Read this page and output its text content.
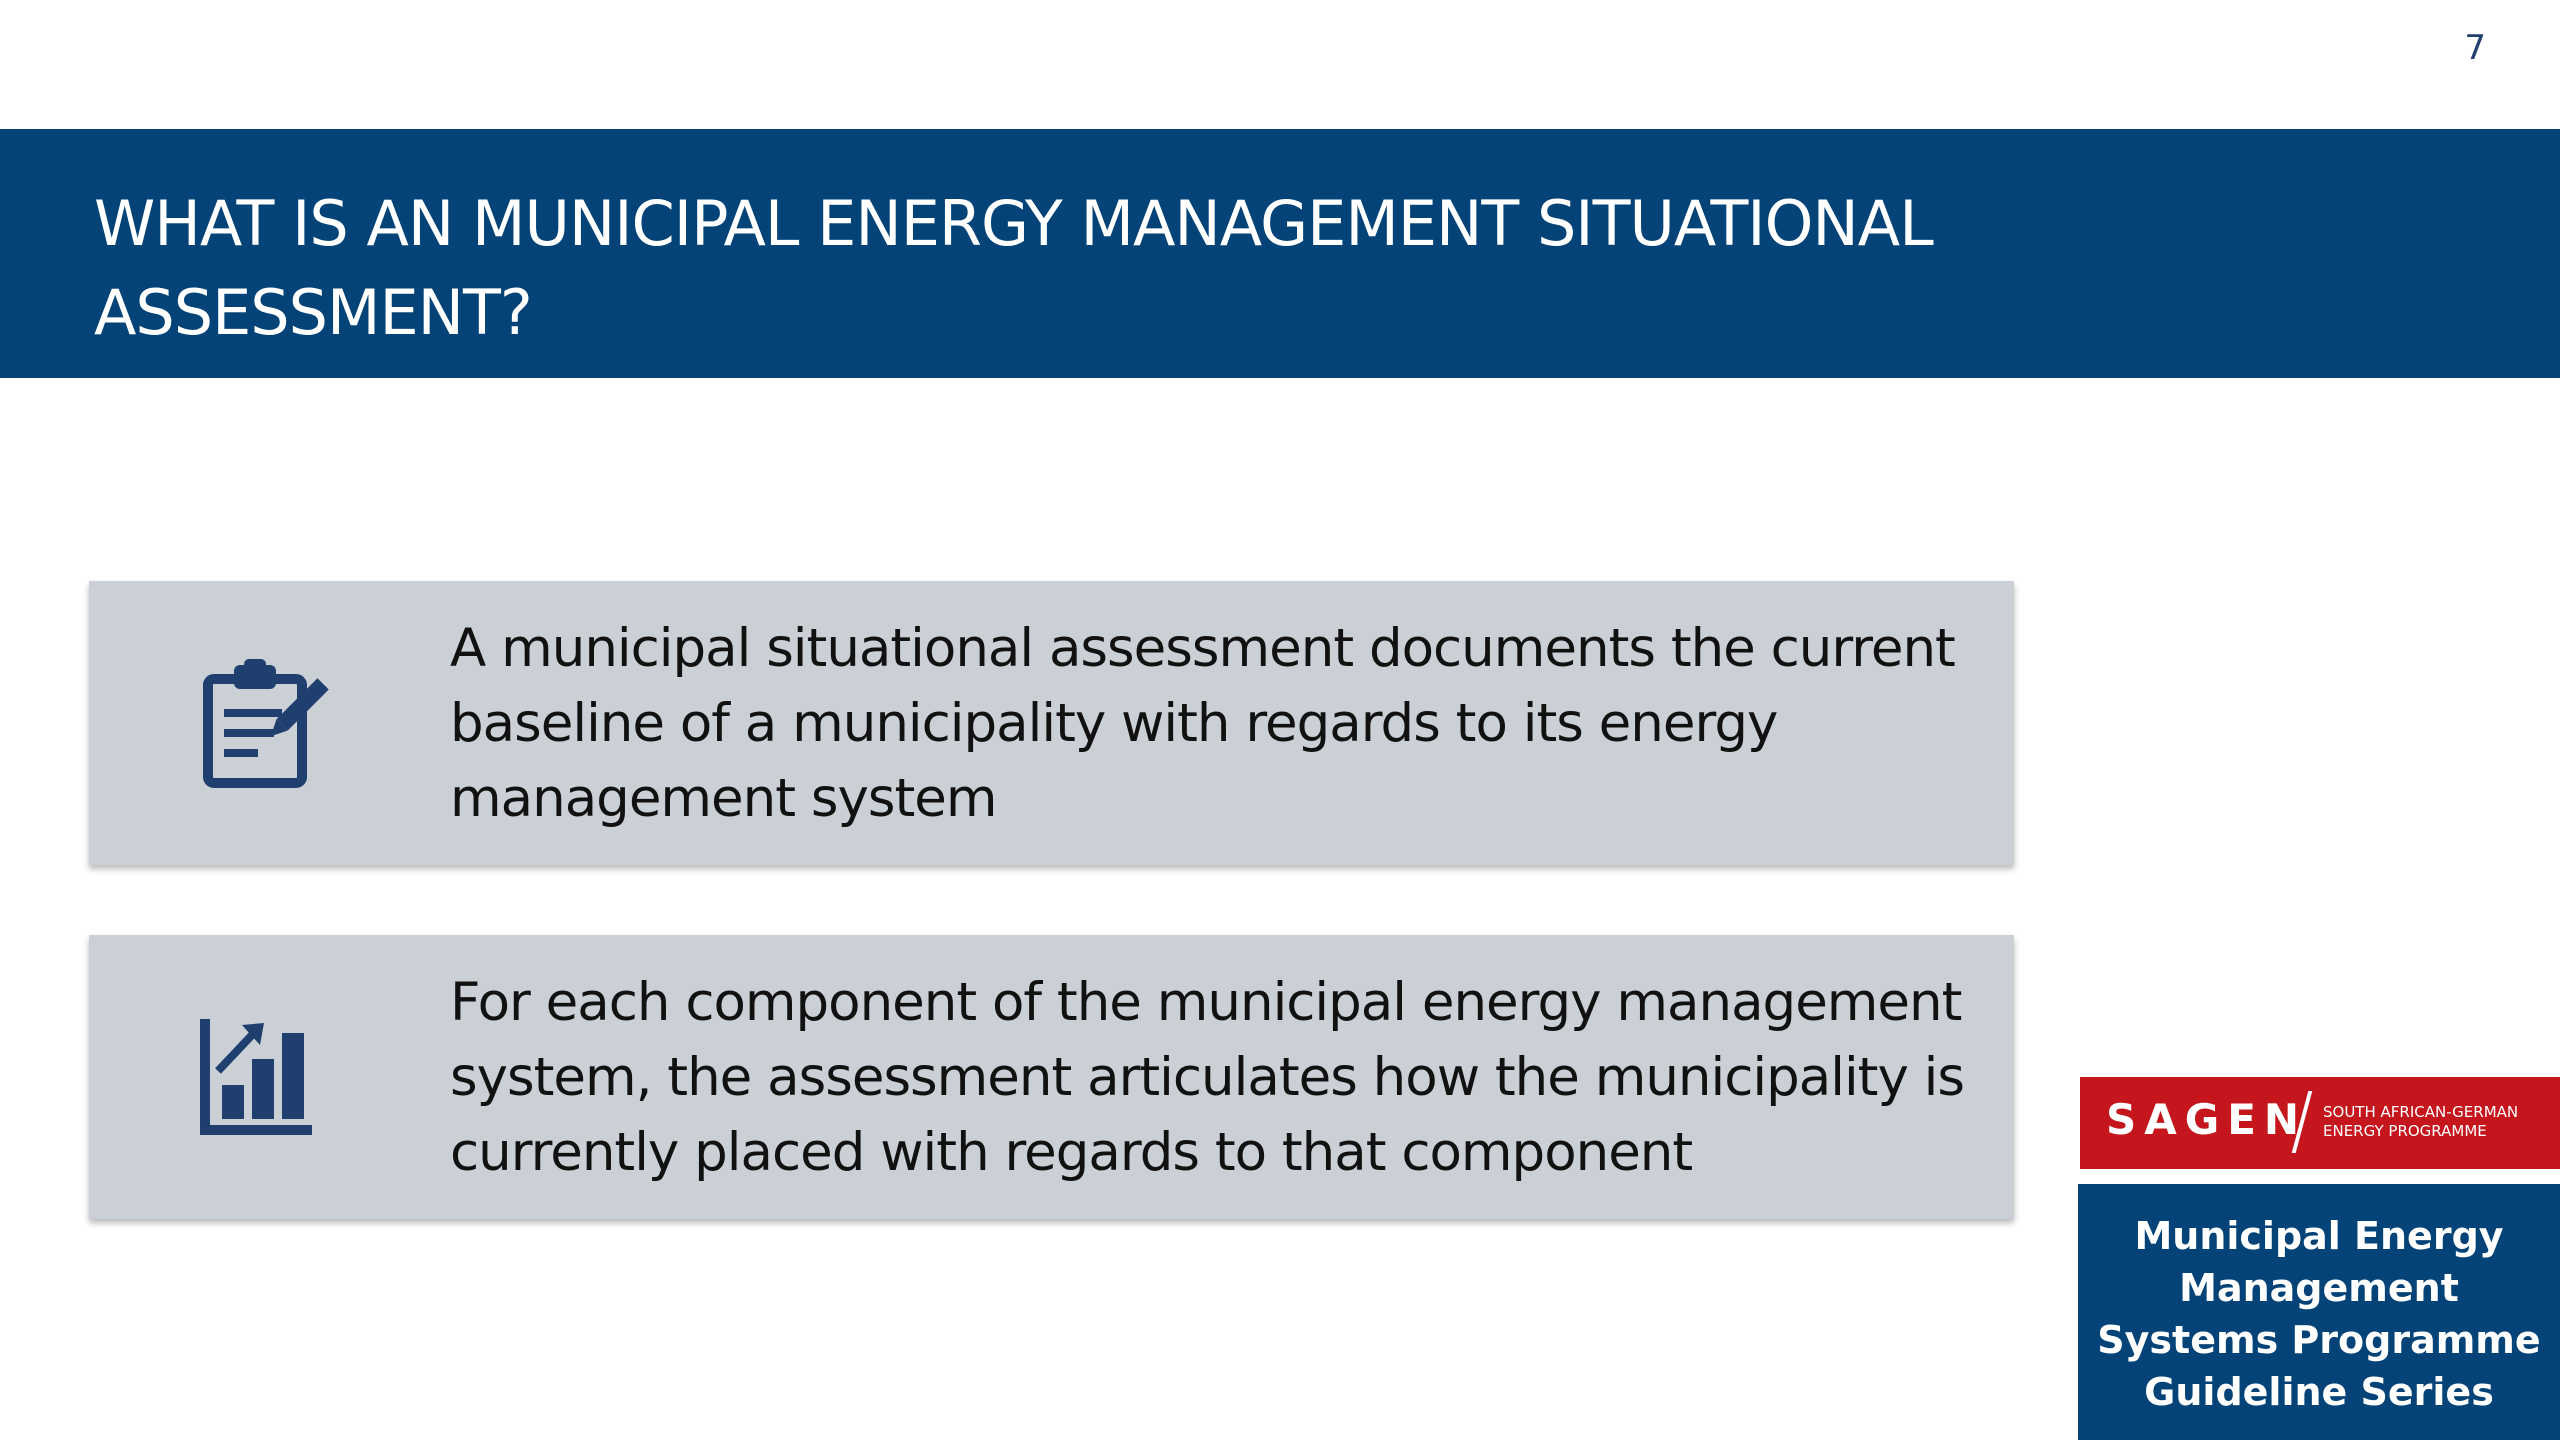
7
WHAT IS AN MUNICIPAL ENERGY MANAGEMENT SITUATIONAL ASSESSMENT?
A municipal situational assessment documents the current baseline of a municipality with regards to its energy management system
For each component of the municipal energy management system, the assessment articulates how the municipality is currently placed with regards to that component
SAGEN SOUTH AFRICAN-GERMAN
ENERGY PROGRAMME
Municipal Energy
Management
Systems Programme
Guideline Series
